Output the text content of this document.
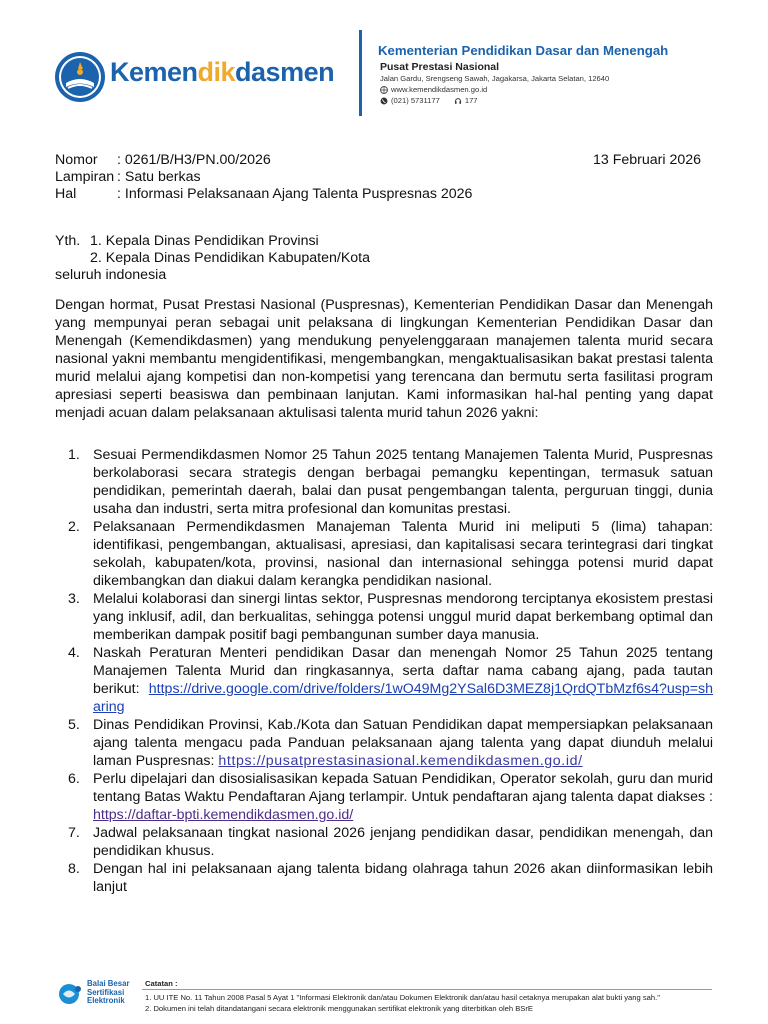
Kemendikdasmen
Kementerian Pendidikan Dasar dan Menengah
Pusat Prestasi Nasional
Jalan Gardu, Srengseng Sawah, Jagakarsa, Jakarta Selatan, 12640
www.kemendikdasmen.go.id
(021) 5731177	177
Nomor : 0261/B/H3/PN.00/2026	13 Februari 2026
Lampiran : Satu berkas
Hal	: Informasi Pelaksanaan Ajang Talenta Puspresnas 2026
Yth. 1. Kepala Dinas Pendidikan Provinsi
2. Kepala Dinas Pendidikan Kabupaten/Kota
seluruh indonesia
Dengan hormat, Pusat Prestasi Nasional (Puspresnas), Kementerian Pendidikan Dasar dan Menengah yang mempunyai peran sebagai unit pelaksana di lingkungan Kementerian Pendidikan Dasar dan Menengah (Kemendikdasmen) yang mendukung penyelenggaraan manajemen talenta murid secara nasional yakni membantu mengidentifikasi, mengembangkan, mengaktualisasikan bakat prestasi talenta murid melalui ajang kompetisi dan non-kompetisi yang terencana dan bermutu serta fasilitasi program apresiasi seperti beasiswa dan pembinaan lanjutan. Kami informasikan hal-hal penting yang dapat menjadi acuan dalam pelaksanaan aktulisasi talenta murid tahun 2026 yakni:
1. Sesuai Permendikdasmen Nomor 25 Tahun 2025 tentang Manajemen Talenta Murid, Puspresnas berkolaborasi secara strategis dengan berbagai pemangku kepentingan, termasuk satuan pendidikan, pemerintah daerah, balai dan pusat pengembangan talenta, perguruan tinggi, dunia usaha dan industri, serta mitra profesional dan komunitas prestasi.
2. Pelaksanaan Permendikdasmen Manajeman Talenta Murid ini meliputi 5 (lima) tahapan: identifikasi, pengembangan, aktualisasi, apresiasi, dan kapitalisasi secara terintegrasi dari tingkat sekolah, kabupaten/kota, provinsi, nasional dan internasional sehingga potensi murid dapat dikembangkan dan diakui dalam kerangka pendidikan nasional.
3. Melalui kolaborasi dan sinergi lintas sektor, Puspresnas mendorong terciptanya ekosistem prestasi yang inklusif, adil, dan berkualitas, sehingga potensi unggul murid dapat berkembang optimal dan memberikan dampak positif bagi pembangunan sumber daya manusia.
4. Naskah Peraturan Menteri pendidikan Dasar dan menengah Nomor 25 Tahun 2025 tentang Manajemen Talenta Murid dan ringkasannya, serta daftar nama cabang ajang, pada tautan berikut: https://drive.google.com/drive/folders/1wO49Mg2YSal6D3MEZ8j1QrdQTbMzf6s4?usp=sharing
5. Dinas Pendidikan Provinsi, Kab./Kota dan Satuan Pendidikan dapat mempersiapkan pelaksanaan ajang talenta mengacu pada Panduan pelaksanaan ajang talenta yang dapat diunduh melalui laman Puspresnas: https://pusatprestasinasional.kemendikdasmen.go.id/
6. Perlu dipelajari dan disosialisasikan kepada Satuan Pendidikan, Operator sekolah, guru dan murid tentang Batas Waktu Pendaftaran Ajang terlampir. Untuk pendaftaran ajang talenta dapat diakses : https://daftar-bpti.kemendikdasmen.go.id/
7. Jadwal pelaksanaan tingkat nasional 2026 jenjang pendidikan dasar, pendidikan menengah, dan pendidikan khusus.
8. Dengan hal ini pelaksanaan ajang talenta bidang olahraga tahun 2026 akan diinformasikan lebih lanjut
Balai Besar
Sertifikasi
Elektronik
Catatan :
1. UU ITE No. 11 Tahun 2008 Pasal 5 Ayat 1 "Informasi Elektronik dan/atau Dokumen Elektronik dan/atau hasil cetaknya merupakan alat bukti yang sah."
2. Dokumen ini telah ditandatangani secara elektronik menggunakan sertifikat elektronik yang diterbitkan oleh BSrE
